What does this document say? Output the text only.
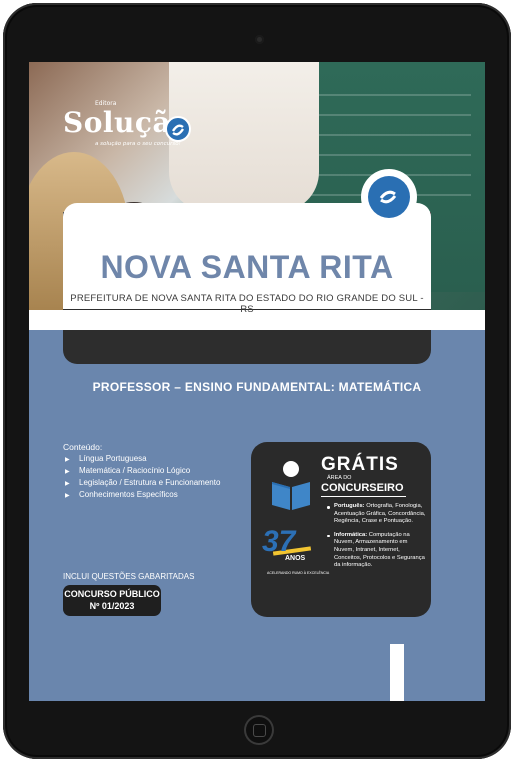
Editora
Solução
a solução para o seu concurso!
NOVA SANTA RITA
PREFEITURA DE NOVA SANTA RITA DO ESTADO DO RIO GRANDE DO SUL - RS
PROFESSOR – ENSINO FUNDAMENTAL: MATEMÁTICA
Conteúdo:
▶ Língua Portuguesa
▶ Matemática / Raciocínio Lógico
▶ Legislação / Estrutura e Funcionamento
▶ Conhecimentos Específicos
INCLUI QUESTÕES GABARITADAS
CONCURSO PÚBLICO
Nº 01/2023
GRÁTIS
ÁREA DO
CONCURSEIRO
37
ANOS
ACELERANDO RUMO À EXCELÊNCIA
Português: Ortografia, Fonologia, Acentuação Gráfica, Concordância, Regência, Crase e Pontuação.
Informática: Computação na Nuvem, Armazenamento em Nuvem, Intranet, Internet, Conceitos, Protocolos e Segurança da informação.
